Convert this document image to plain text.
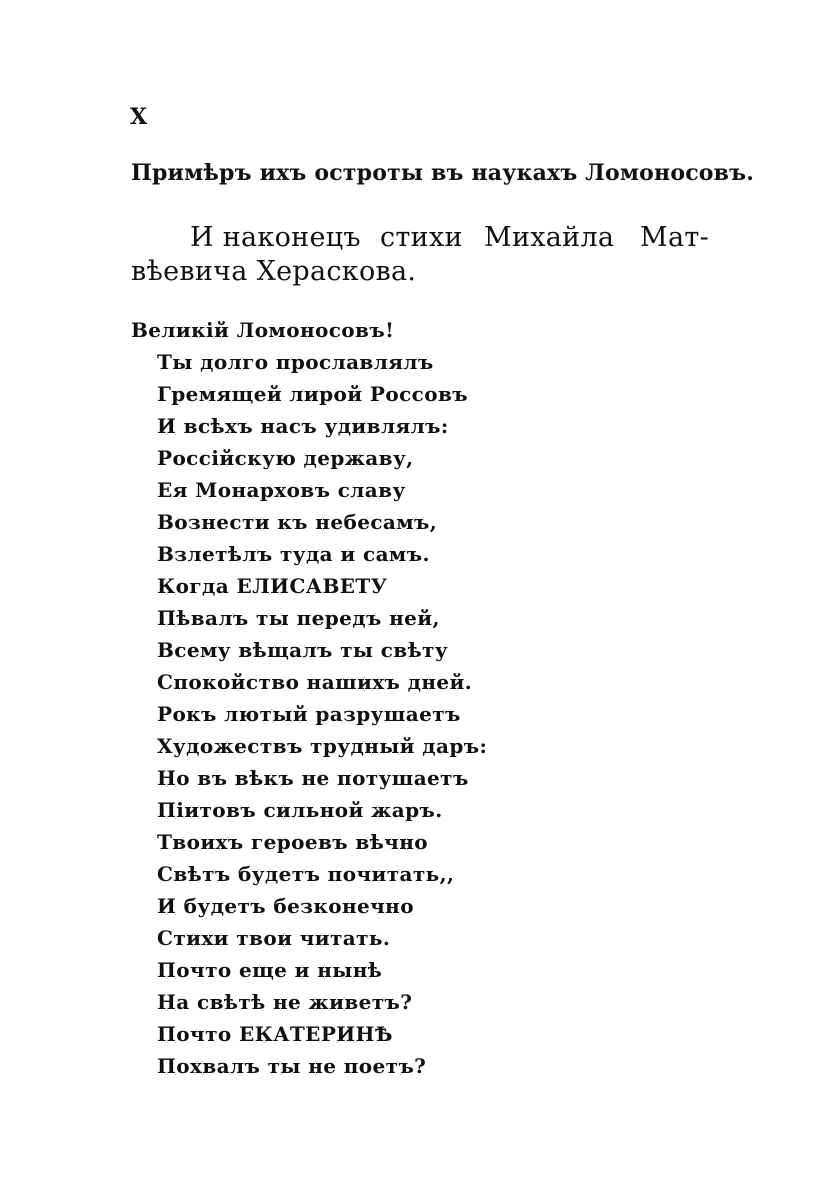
X
Примѣръ ихъ остроты въ наукахъ Ломоносовъ.
И наконецъ стихи Михайла Мат-
вѣевича Хераскова.
Великій Ломоносовъ!
Ты долго прославлялъ
Гремящей лирой Россовъ
И всѣхъ насъ удивлялъ:
Россійскую державу,
Ея Монарховъ славу
Вознести къ небесамъ,
Взлетѣлъ туда и самъ.
Когда ЕЛИСАВЕТУ
Пѣвалъ ты передъ ней,
Всему вѣщалъ ты свѣту
Спокойство нашихъ дней.
Рокъ лютый разрушаетъ
Художествъ трудный даръ:
Но въ вѣкъ не потушаетъ
Піитовъ сильной жаръ.
Твоихъ героевъ вѣчно
Свѣтъ будетъ почитать,,
И будетъ безконечно
Стихи твои читать.
Почто еще и нынѣ
На свѣтѣ не живетъ?
Почто ЕКАТЕРИНѢ
Похвалъ ты не поетъ?
